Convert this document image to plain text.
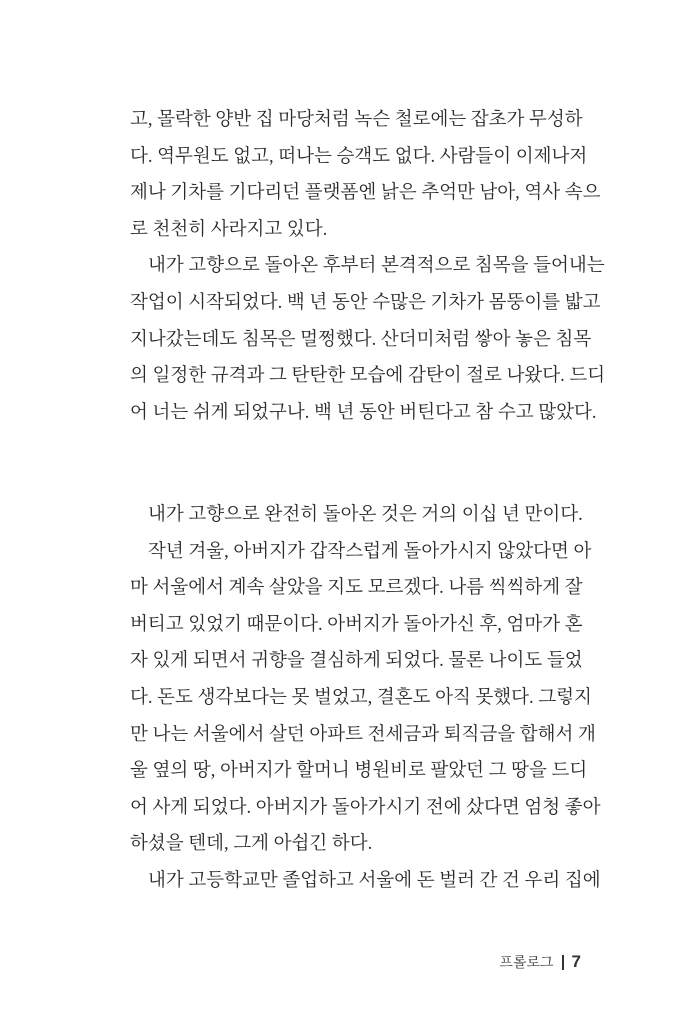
고, 몰락한 양반 집 마당처럼 녹슨 철로에는 잡초가 무성하
다. 역무원도 없고, 떠나는 승객도 없다. 사람들이 이제나저
제나 기차를 기다리던 플랫폼엔 낡은 추억만 남아, 역사 속으
로 천천히 사라지고 있다.
내가 고향으로 돌아온 후부터 본격적으로 침목을 들어내는
작업이 시작되었다. 백 년 동안 수많은 기차가 몸뚱이를 밟고
지나갔는데도 침목은 멀쩡했다. 산더미처럼 쌓아 놓은 침목
의 일정한 규격과 그 탄탄한 모습에 감탄이 절로 나왔다. 드디
어 너는 쉬게 되었구나. 백 년 동안 버틴다고 참 수고 많았다.
내가 고향으로 완전히 돌아온 것은 거의 이십 년 만이다.
작년 겨울, 아버지가 갑작스럽게 돌아가시지 않았다면 아
마 서울에서 계속 살았을 지도 모르겠다. 나름 씩씩하게 잘
버티고 있었기 때문이다. 아버지가 돌아가신 후, 엄마가 혼
자 있게 되면서 귀향을 결심하게 되었다. 물론 나이도 들었
다. 돈도 생각보다는 못 벌었고, 결혼도 아직 못했다. 그렇지
만 나는 서울에서 살던 아파트 전세금과 퇴직금을 합해서 개
울 옆의 땅, 아버지가 할머니 병원비로 팔았던 그 땅을 드디
어 사게 되었다. 아버지가 돌아가시기 전에 샀다면 엄청 좋아
하셨을 텐데, 그게 아쉽긴 하다.
내가 고등학교만 졸업하고 서울에 돈 벌러 간 건 우리 집에
프롤로그 7
